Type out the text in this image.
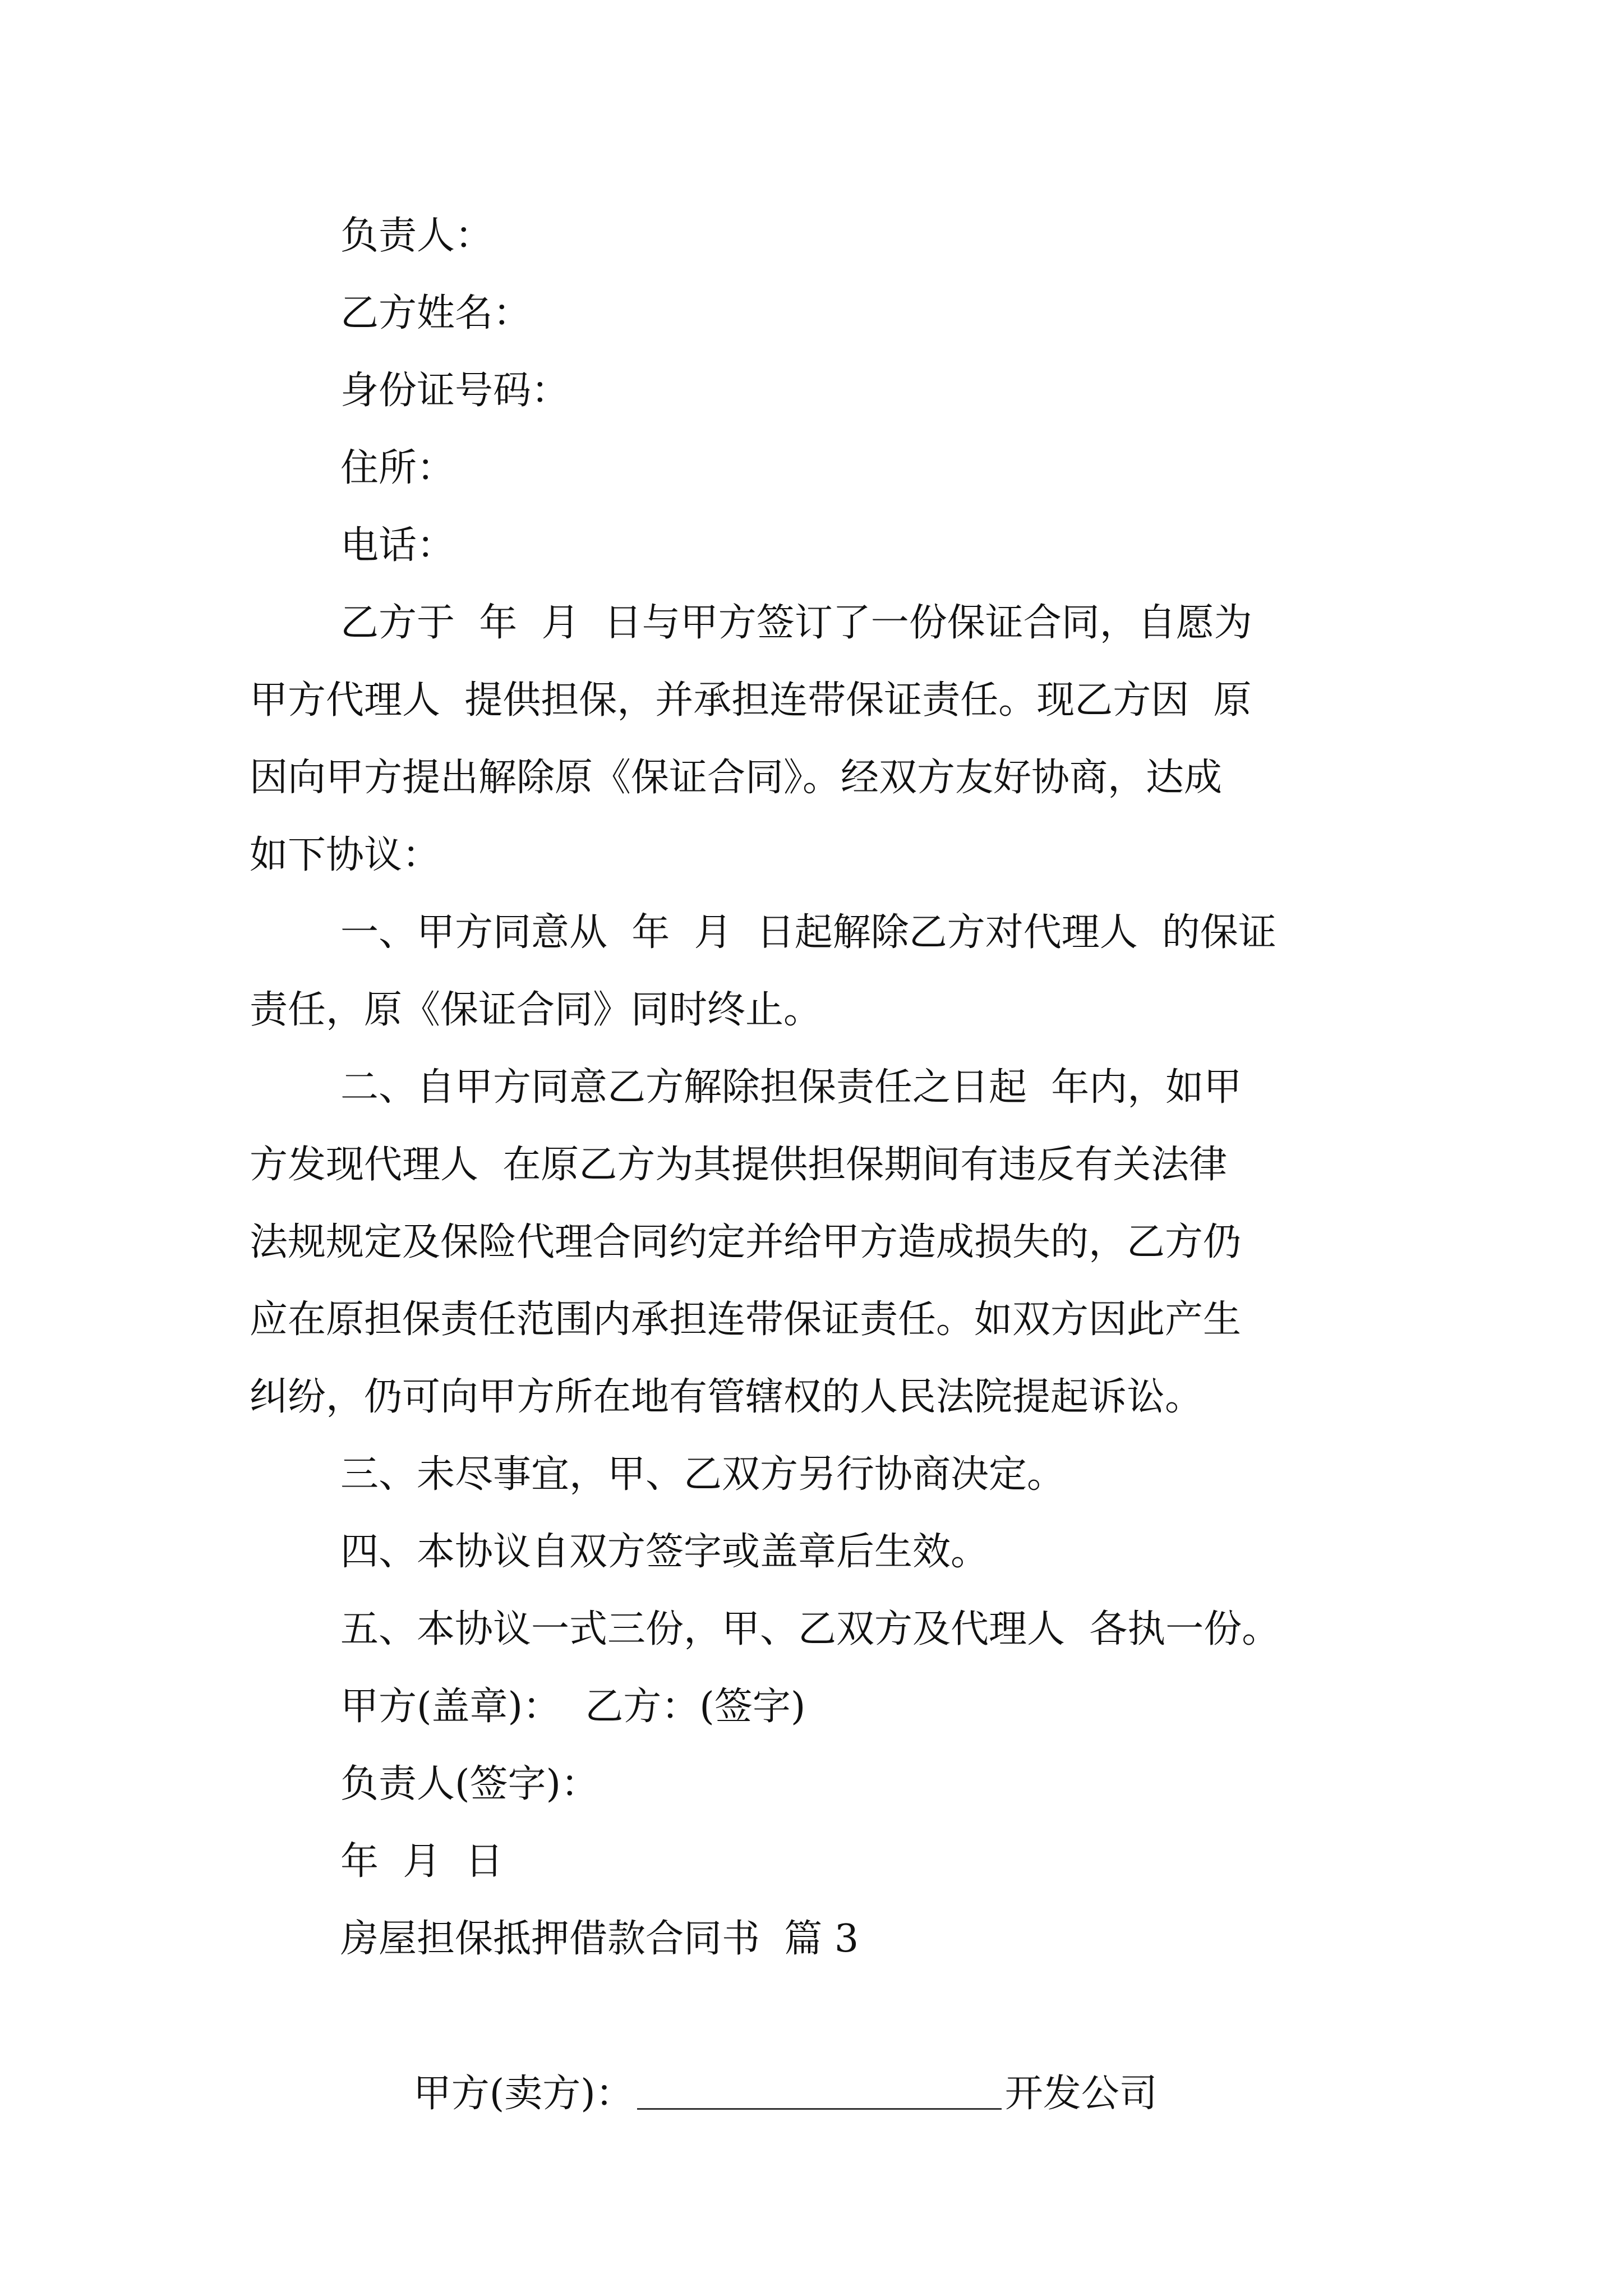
负责人：
乙方姓名：
身份证号码：
住所：
电话：
乙方于  年  月  日与甲方签订了一份保证合同，自愿为
甲方代理人  提供担保，并承担连带保证责任。现乙方因  原
因向甲方提出解除原《保证合同》。经双方友好协商，达成
如下协议：
一、甲方同意从  年  月  日起解除乙方对代理人  的保证
责任，原《保证合同》同时终止。
二、自甲方同意乙方解除担保责任之日起  年内，如甲
方发现代理人  在原乙方为其提供担保期间有违反有关法律
法规规定及保险代理合同约定并给甲方造成损失的，乙方仍
应在原担保责任范围内承担连带保证责任。如双方因此产生
纠纷，仍可向甲方所在地有管辖权的人民法院提起诉讼。
三、未尽事宜，甲、乙双方另行协商决定。
四、本协议自双方签字或盖章后生效。
五、本协议一式三份，甲、乙双方及代理人  各执一份。
甲方(盖章)：  乙方：(签字)
负责人(签字)：
年  月  日
房屋担保抵押借款合同书  篇 3

甲方(卖方)：	开发公司
